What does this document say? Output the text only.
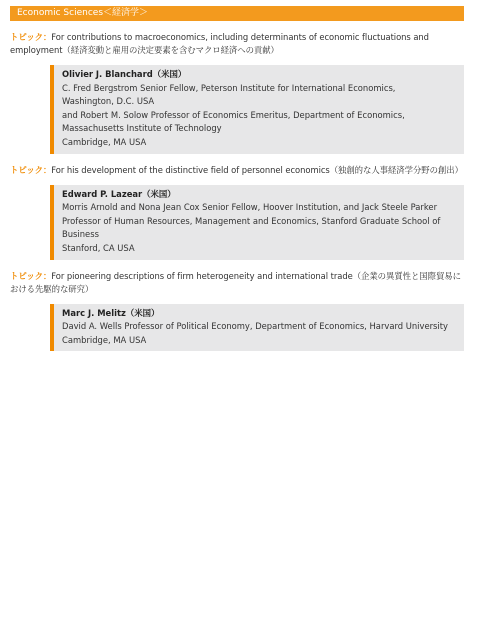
Economic Sciences＜経済学＞
トピック：For contributions to macroeconomics, including determinants of economic fluctuations and employment（経済変動と雇用の決定要素を含むマクロ経済への貢献）
Olivier J. Blanchard（米国）
C. Fred Bergstrom Senior Fellow, Peterson Institute for International Economics,
Washington, D.C. USA
and Robert M. Solow Professor of Economics Emeritus, Department of Economics,
Massachusetts Institute of Technology
Cambridge, MA USA
トピック：For his development of the distinctive field of personnel economics（独創的な人事経済学分野の創出）
Edward P. Lazear（米国）
Morris Arnold and Nona Jean Cox Senior Fellow, Hoover Institution, and Jack Steele Parker
Professor of Human Resources, Management and Economics, Stanford Graduate School of
Business
Stanford, CA USA
トピック：For pioneering descriptions of firm heterogeneity and international trade（企業の異質性と国際貿易における先駆的な研究）
Marc J. Melitz（米国）
David A. Wells Professor of Political Economy, Department of Economics, Harvard University
Cambridge, MA USA
